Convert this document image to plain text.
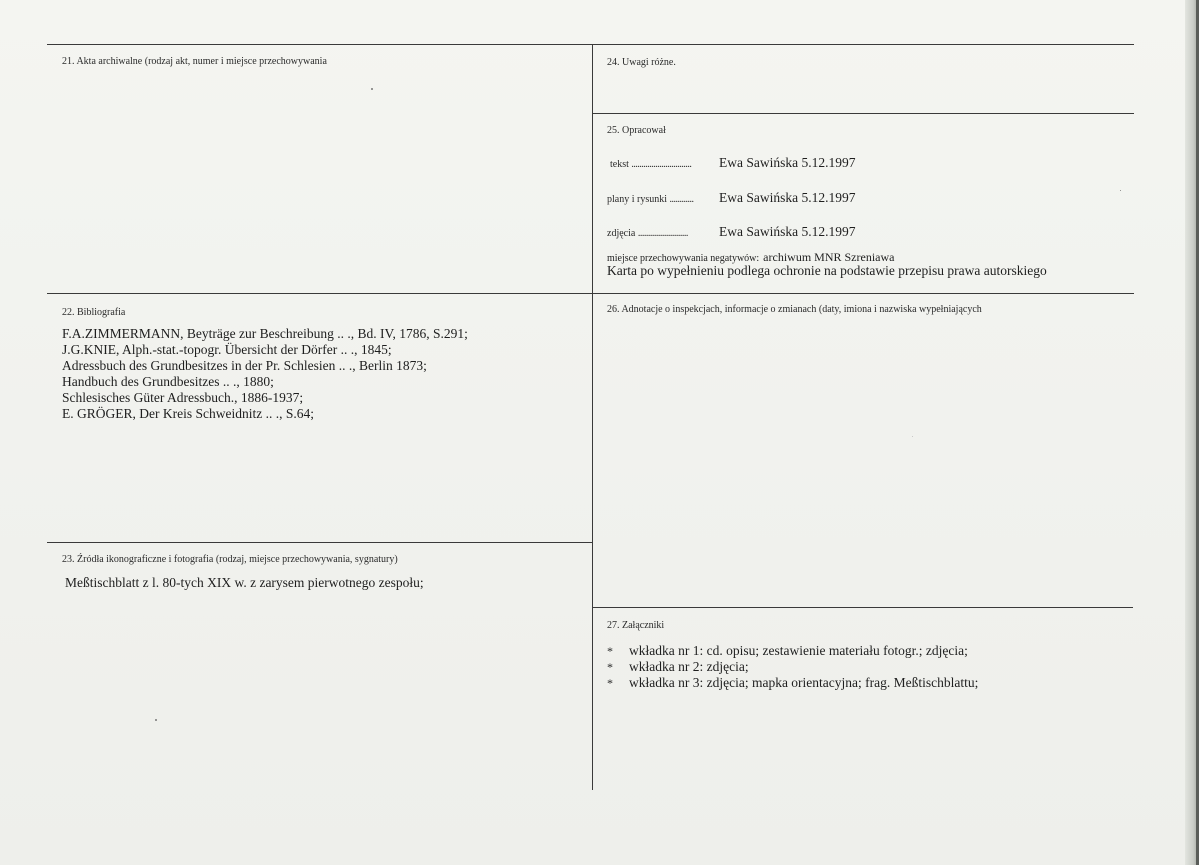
21. Akta archiwalne (rodzaj akt, numer i miejsce przechowywania	24. Uwagi różne.
25. Opracował
tekst .............................. Ewa Sawińska 5.12.1997
plany i rysunki ............ Ewa Sawińska 5.12.1997
zdjęcia ......................... Ewa Sawińska 5.12.1997
miejsce przechowywania negatywów: archiwum MNR Szreniawa
Karta po wypełnieniu podlega ochronie na podstawie przepisu prawa autorskiego
22. Bibliografia
F.A.ZIMMERMANN, Beyträge zur Beschreibung .. ., Bd. IV, 1786, S.291;
J.G.KNIE, Alph.-stat.-topogr. Übersicht der Dörfer .. ., 1845;
Adressbuch des Grundbesitzes in der Pr. Schlesien .. ., Berlin 1873;
Handbuch des Grundbesitzes .. ., 1880;
Schlesisches Güter Adressbuch., 1886-1937;
E. GRÖGER, Der Kreis Schweidnitz .. ., S.64;
26. Adnotacje o inspekcjach, informacje o zmianach (daty, imiona i nazwiska wypełniających
23. Źródła ikonograficzne i fotografia (rodzaj, miejsce przechowywania, sygnatury)
Meßtischblatt z l. 80-tych XIX w. z zarysem pierwotnego zespołu;
27. Załączniki
* wkładka nr 1: cd. opisu; zestawienie materiału fotogr.; zdjęcia;
* wkładka nr 2: zdjęcia;
* wkładka nr 3: zdjęcia; mapka orientacyjna; frag. Meßtischblattu;
